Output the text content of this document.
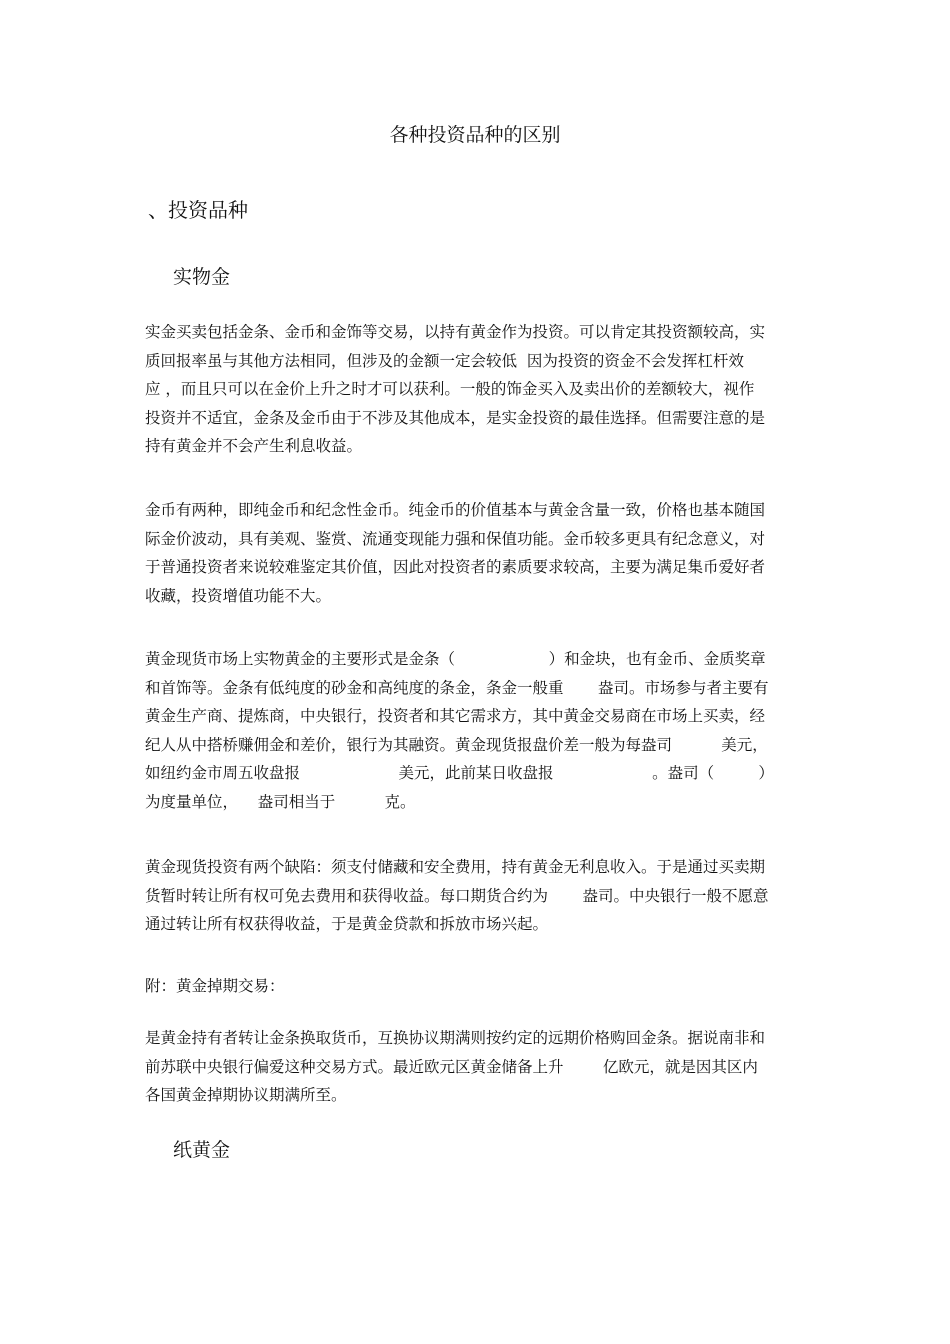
各种投资品种的区别
、投资品种
实物金

实金买卖包括金条、金币和金饰等交易，以持有黄金作为投资。可以肯定其投资额较高，实
质回报率虽与其他方法相同，但涉及的金额一定会较低  因为投资的资金不会发挥杠杆效
应 ，而且只可以在金价上升之时才可以获利。一般的饰金买入及卖出价的差额较大，视作
投资并不适宜，金条及金币由于不涉及其他成本，是实金投资的最佳选择。但需要注意的是
持有黄金并不会产生利息收益。

金币有两种，即纯金币和纪念性金币。纯金币的价值基本与黄金含量一致，价格也基本随国
际金价波动，具有美观、鉴赏、流通变现能力强和保值功能。金币较多更具有纪念意义，对
于普通投资者来说较难鉴定其价值，因此对投资者的素质要求较高，主要为满足集币爱好者
收藏，投资增值功能不大。

黄金现货市场上实物黄金的主要形式是金条（                   ）和金块，也有金币、金质奖章
和首饰等。金条有低纯度的砂金和高纯度的条金，条金一般重       盎司。市场参与者主要有
黄金生产商、提炼商，中央银行，投资者和其它需求方，其中黄金交易商在市场上买卖，经
纪人从中搭桥赚佣金和差价，银行为其融资。黄金现货报盘价差一般为每盎司          美元，
如纽约金市周五收盘报                    美元，此前某日收盘报                    。盎司（         ）
为度量单位，    盎司相当于          克。

黄金现货投资有两个缺陷：须支付储藏和安全费用，持有黄金无利息收入。于是通过买卖期
货暂时转让所有权可免去费用和获得收益。每口期货合约为       盎司。中央银行一般不愿意
通过转让所有权获得收益，于是黄金贷款和拆放市场兴起。

附：黄金掉期交易：

是黄金持有者转让金条换取货币，互换协议期满则按约定的远期价格购回金条。据说南非和
前苏联中央银行偏爱这种交易方式。最近欧元区黄金储备上升        亿欧元，就是因其区内
各国黄金掉期协议期满所至。

纸黄金
